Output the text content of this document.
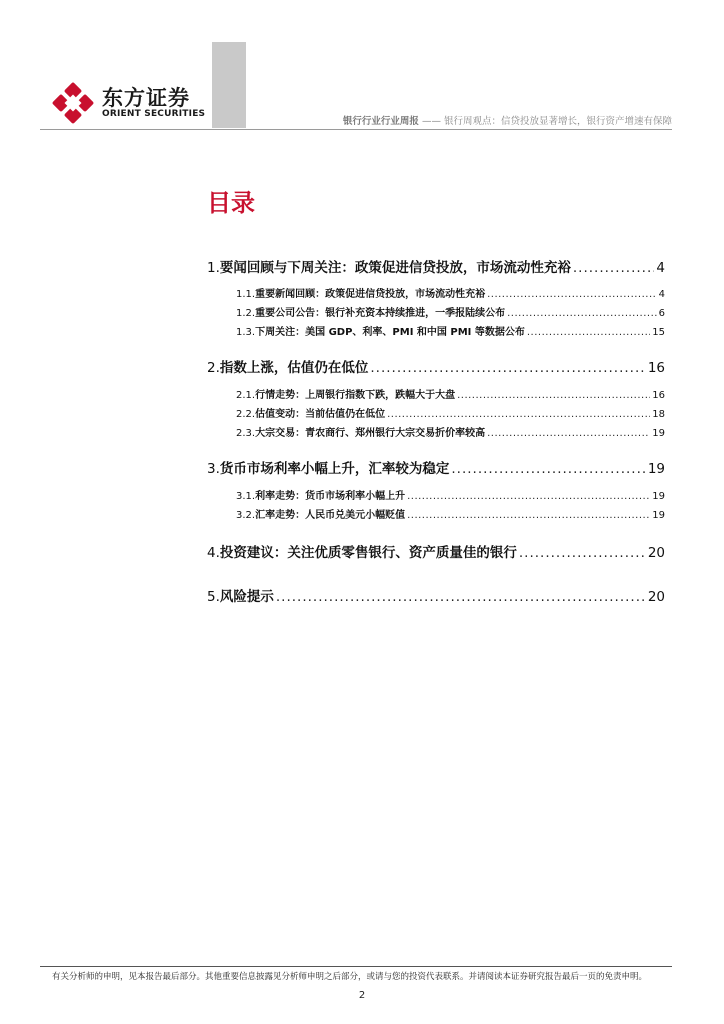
东方证券
ORIENT SECURITIES
银行行业行业周报 —— 银行周观点：信贷投放显著增长，银行资产增速有保障
目录
1. 要闻回顾与下周关注：政策促进信贷投放，市场流动性充裕 .....	4
1.1. 重要新闻回顾：政策促进信贷投放，市场流动性充裕 .....	4
1.2. 重要公司公告：银行补充资本持续推进，一季报陆续公布 .....	6
1.3. 下周关注：美国 GDP、利率、PMI 和中国 PMI 等数据公布 .....	15
2. 指数上涨，估值仍在低位 .....	16
2.1. 行情走势：上周银行指数下跌，跌幅大于大盘 .....	16
2.2. 估值变动：当前估值仍在低位 .....	18
2.3. 大宗交易：青农商行、郑州银行大宗交易折价率较高 .....	19
3. 货币市场利率小幅上升，汇率较为稳定 .....	19
3.1. 利率走势：货币市场利率小幅上升 .....	19
3.2. 汇率走势：人民币兑美元小幅贬值 .....	19
4. 投资建议：关注优质零售银行、资产质量佳的银行 .....	20
5. 风险提示 .....	20
有关分析师的申明，见本报告最后部分。其他重要信息披露见分析师申明之后部分，或请与您的投资代表联系。并请阅读本证券研究报告最后一页的免责申明。
2
